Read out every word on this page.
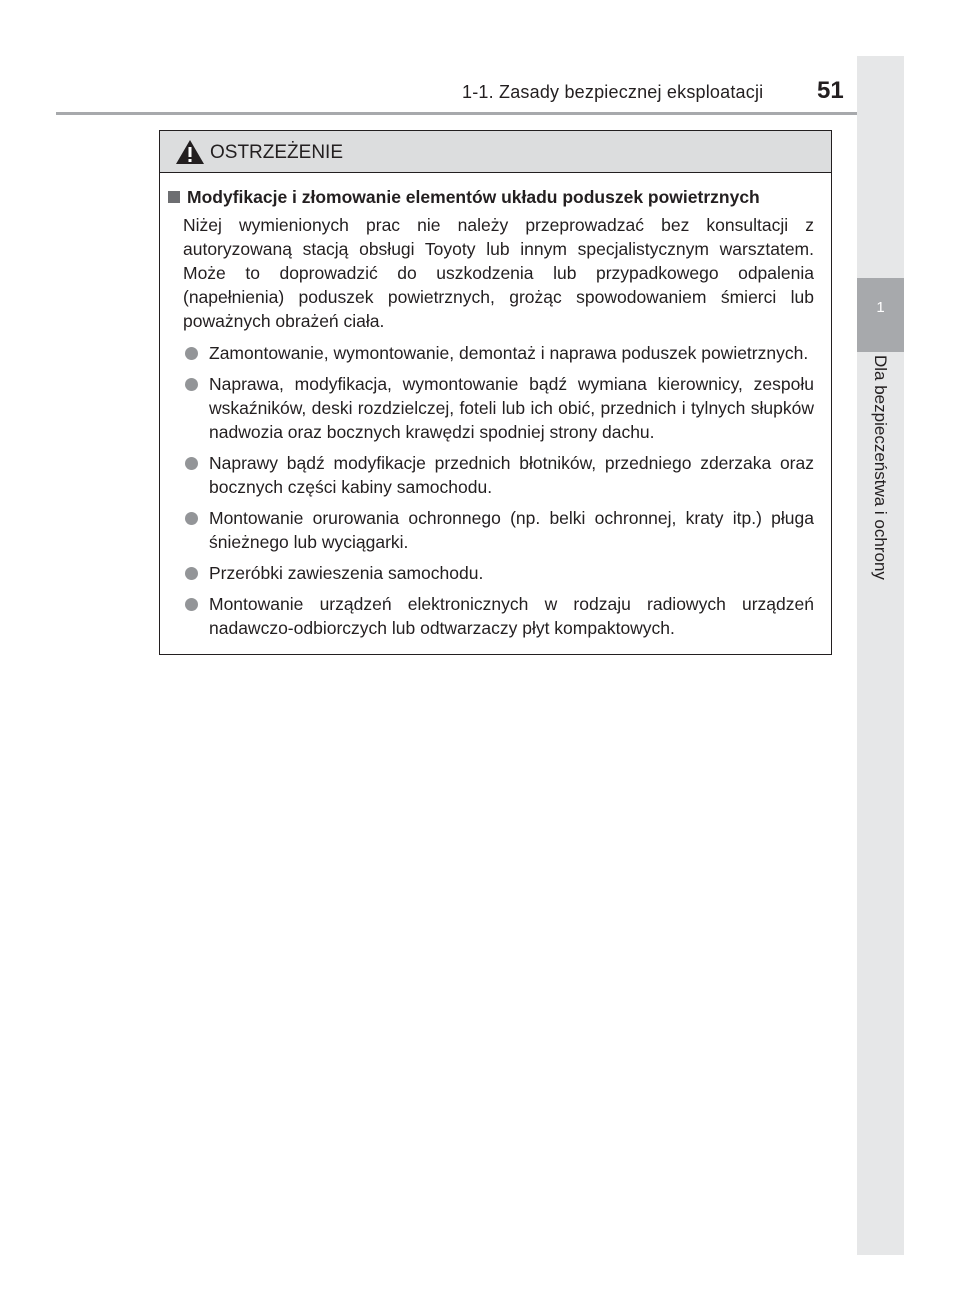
1-1. Zasady bezpiecznej eksploatacji 51
1
Dla bezpieczeństwa i ochrony
OSTRZEŻENIE
Modyfikacje i złomowanie elementów układu poduszek powietrznych

Niżej wymienionych prac nie należy przeprowadzać bez konsultacji z autoryzowaną stacją obsługi Toyoty lub innym specjalistycznym warsztatem. Może to doprowadzić do uszkodzenia lub przypadkowego odpalenia (napełnienia) poduszek powietrznych, grożąc spowodowaniem śmierci lub poważnych obrażeń ciała.

Zamontowanie, wymontowanie, demontaż i naprawa poduszek powietrznych.
Naprawa, modyfikacja, wymontowanie bądź wymiana kierownicy, zespołu wskaźników, deski rozdzielczej, foteli lub ich obić, przednich i tylnych słupków nadwozia oraz bocznych krawędzi spodniej strony dachu.
Naprawy bądź modyfikacje przednich błotników, przedniego zderzaka oraz bocznych części kabiny samochodu.
Montowanie orurowania ochronnego (np. belki ochronnej, kraty itp.) pługa śnieżnego lub wyciągarki.
Przeróbki zawieszenia samochodu.
Montowanie urządzeń elektronicznych w rodzaju radiowych urządzeń nadawczo-odbiorczych lub odtwarzaczy płyt kompaktowych.
